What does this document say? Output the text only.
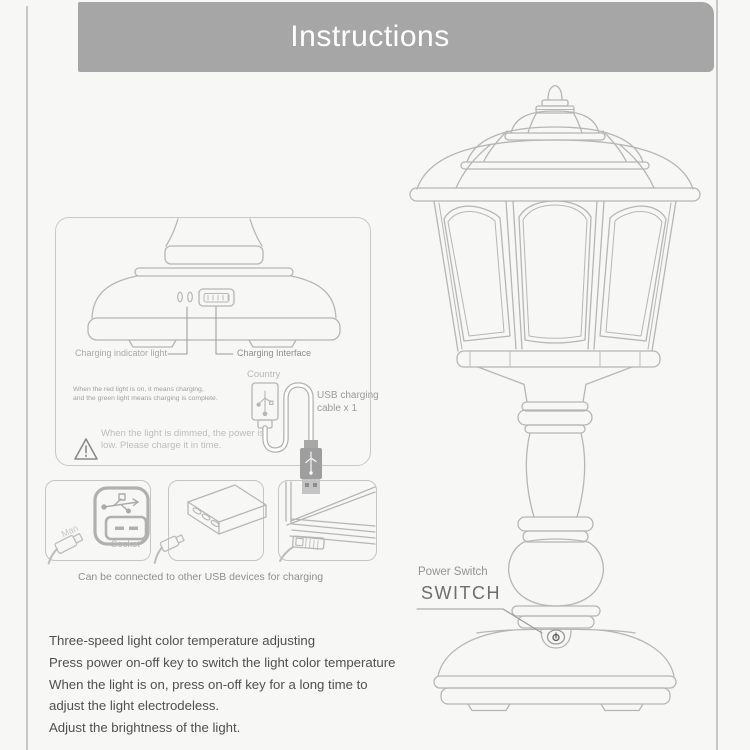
Instructions
Charging indicator light	Charging Interface
When the red light is on, it means charging,
and the green light means charging is complete.
When the light is dimmed, the power is
low. Please charge it in time.
Country
USB charging
cable x 1
Man
Socket
Can be connected to other USB devices for charging	Power Switch
SWITCH
Three-speed light color temperature adjusting
Press power on-off key to switch the light color temperature
When the light is on, press on-off key for a long time to
adjust the light electrodeless.
Adjust the brightness of the light.
